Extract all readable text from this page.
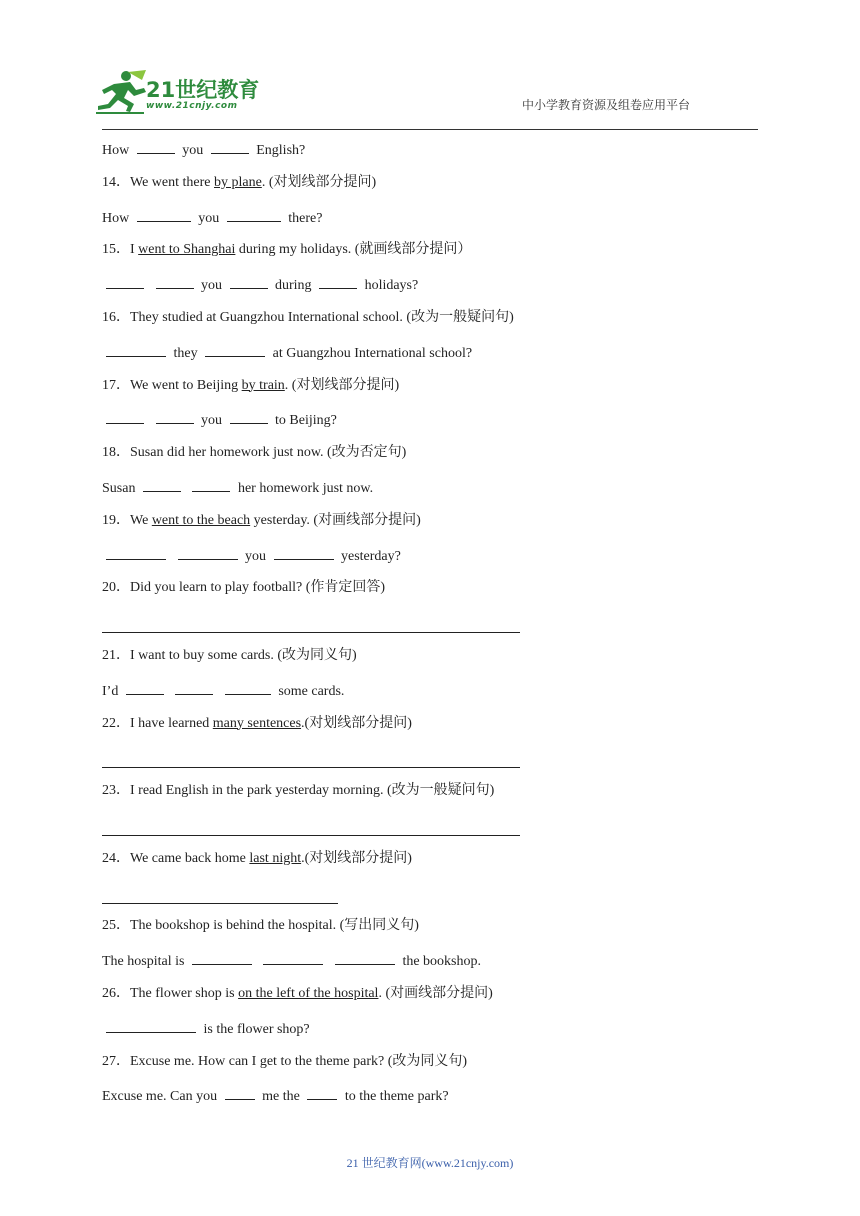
21世纪教育
www.21cnjy.com	中小学教育资源及组卷应用平台
How	you	English?
14．We went there by plane. (对划线部分提问)
How	you	there?
15．I went to Shanghai during my holidays. (就画线部分提问）
you	during	holidays?
16．They studied at Guangzhou International school. (改为一般疑问句)
they	at Guangzhou International school?
17．We went to Beijing by train. (对划线部分提问)
you	to Beijing?
18．Susan did her homework just now. (改为否定句)
Susan	her homework just now.
19．We went to the beach yesterday. (对画线部分提问)
you	yesterday?
20．Did you learn to play football? (作肯定回答)
21．I want to buy some cards. (改为同义句)
I’d	some cards.
22．I have learned many sentences.(对划线部分提问)
23．I read English in the park yesterday morning. (改为一般疑问句)
24．We came back home last night.(对划线部分提问)
25．The bookshop is behind the hospital. (写出同义句)
The hospital is	the bookshop.
26．The flower shop is on the left of the hospital. (对画线部分提问)
is the flower shop?
27．Excuse me. How can I get to the theme park? (改为同义句)
Excuse me. Can you	me the	to the theme park?
21 世纪教育网(www.21cnjy.com)
